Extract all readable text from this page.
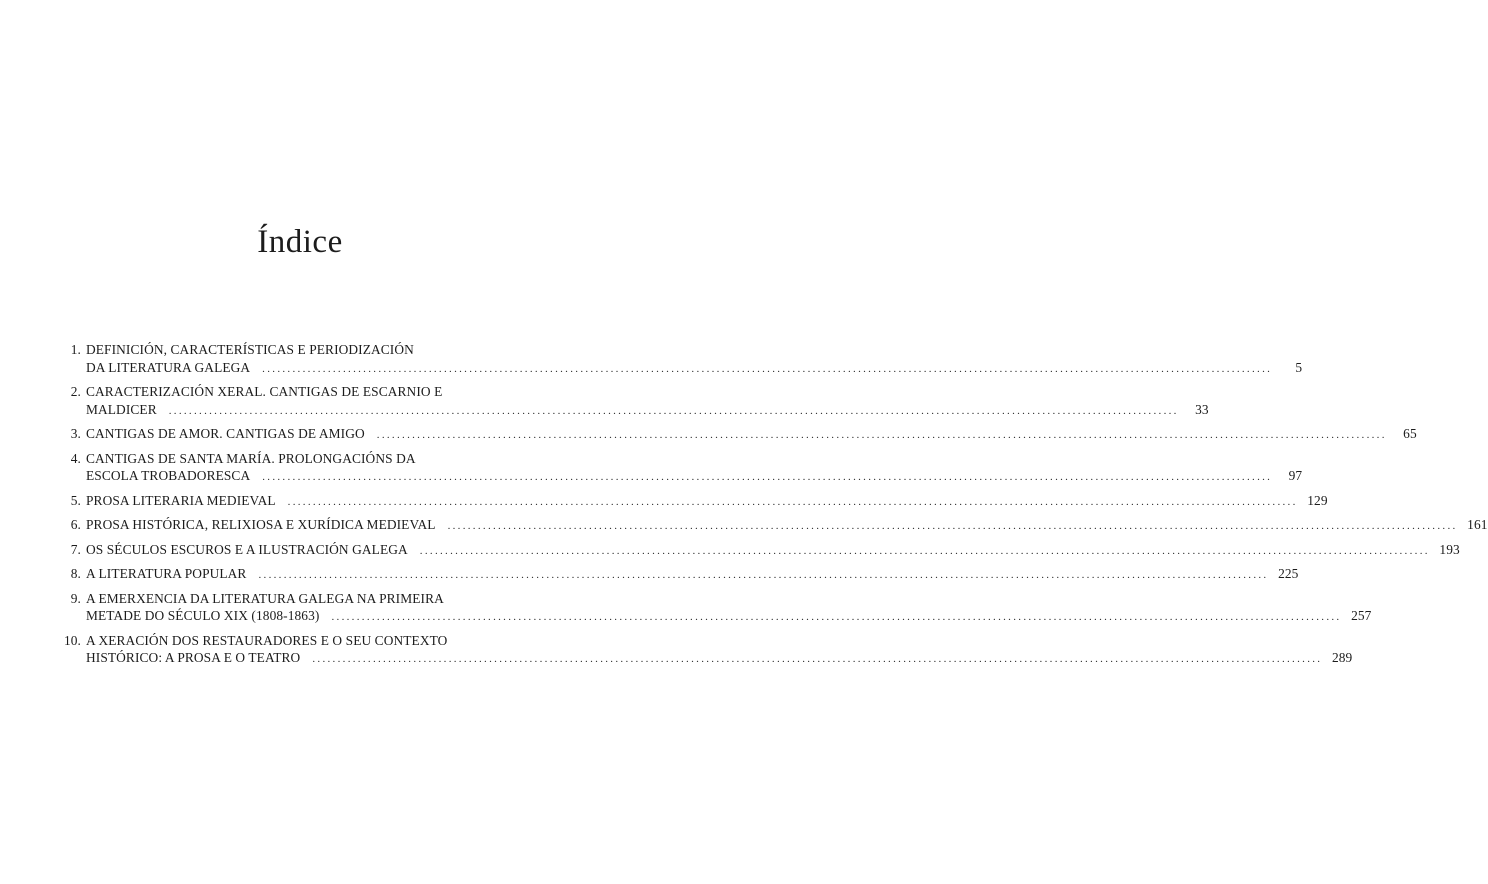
Índice
1. DEFINICIÓN, CARACTERÍSTICAS E PERIODIZACIÓN
DA LITERATURA GALEGA ........................................................................................................................................................................................................	5
2. CARACTERIZACIÓN XERAL. CANTIGAS DE ESCARNIO E
MALDICER ........................................................................................................................................................................................................	33
3. CANTIGAS DE AMOR. CANTIGAS DE AMIGO ........................................................................................................................................................................................................	65
4. CANTIGAS DE SANTA MARÍA. PROLONGACIÓNS DA
ESCOLA TROBADORESCA ........................................................................................................................................................................................................	97
5. PROSA LITERARIA MEDIEVAL ........................................................................................................................................................................................................ 129
6. PROSA HISTÓRICA, RELIXIOSA E XURÍDICA MEDIEVAL ........................................................................................................................................................................................................ 161
7. OS SÉCULOS ESCUROS E A ILUSTRACIÓN GALEGA ........................................................................................................................................................................................................ 193
8. A LITERATURA POPULAR ........................................................................................................................................................................................................ 225
9. A EMERXENCIA DA LITERATURA GALEGA NA PRIMEIRA
METADE DO SÉCULO XIX (1808-1863) ........................................................................................................................................................................................................ 257
10. A XERACIÓN DOS RESTAURADORES E O SEU CONTEXTO
HISTÓRICO: A PROSA E O TEATRO ........................................................................................................................................................................................................ 289
